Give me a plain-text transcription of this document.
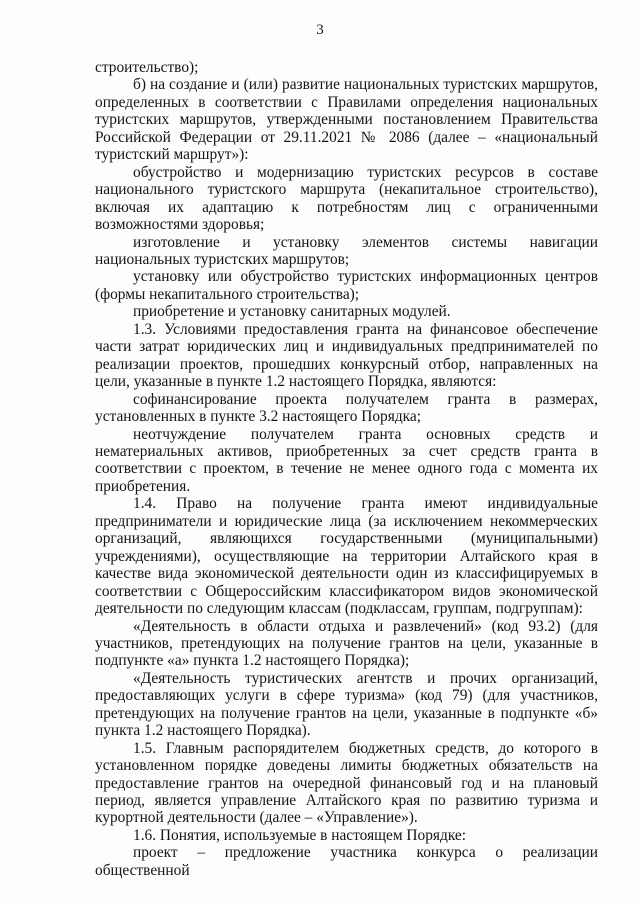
3

строительство);

б) на создание и (или) развитие национальных туристских маршрутов, определенных в соответствии с Правилами определения национальных туристских маршрутов, утвержденными постановлением Правительства Российской Федерации от 29.11.2021 № 2086 (далее – «национальный туристский маршрут»):

обустройство и модернизацию туристских ресурсов в составе национального туристского маршрута (некапитальное строительство), включая их адаптацию к потребностям лиц с ограниченными возможностями здоровья;

изготовление и установку элементов системы навигации национальных туристских маршрутов;

установку или обустройство туристских информационных центров (формы некапитального строительства);

приобретение и установку санитарных модулей.

1.3. Условиями предоставления гранта на финансовое обеспечение части затрат юридических лиц и индивидуальных предпринимателей по реализации проектов, прошедших конкурсный отбор, направленных на цели, указанные в пункте 1.2 настоящего Порядка, являются:

софинансирование проекта получателем гранта в размерах, установленных в пункте 3.2 настоящего Порядка;

неотчуждение получателем гранта основных средств и нематериальных активов, приобретенных за счет средств гранта в соответствии с проектом, в течение не менее одного года с момента их приобретения.

1.4. Право на получение гранта имеют индивидуальные предприниматели и юридические лица (за исключением некоммерческих организаций, являющихся государственными (муниципальными) учреждениями), осуществляющие на территории Алтайского края в качестве вида экономической деятельности один из классифицируемых в соответствии с Общероссийским классификатором видов экономической деятельности по следующим классам (подклассам, группам, подгруппам):

«Деятельность в области отдыха и развлечений» (код 93.2) (для участников, претендующих на получение грантов на цели, указанные в подпункте «а» пункта 1.2 настоящего Порядка);

«Деятельность туристических агентств и прочих организаций, предоставляющих услуги в сфере туризма» (код 79) (для участников, претендующих на получение грантов на цели, указанные в подпункте «б» пункта 1.2 настоящего Порядка).

1.5. Главным распорядителем бюджетных средств, до которого в установленном порядке доведены лимиты бюджетных обязательств на предоставление грантов на очередной финансовый год и на плановый период, является управление Алтайского края по развитию туризма и курортной деятельности (далее – «Управление»).

1.6. Понятия, используемые в настоящем Порядке:

проект – предложение участника конкурса о реализации общественной
